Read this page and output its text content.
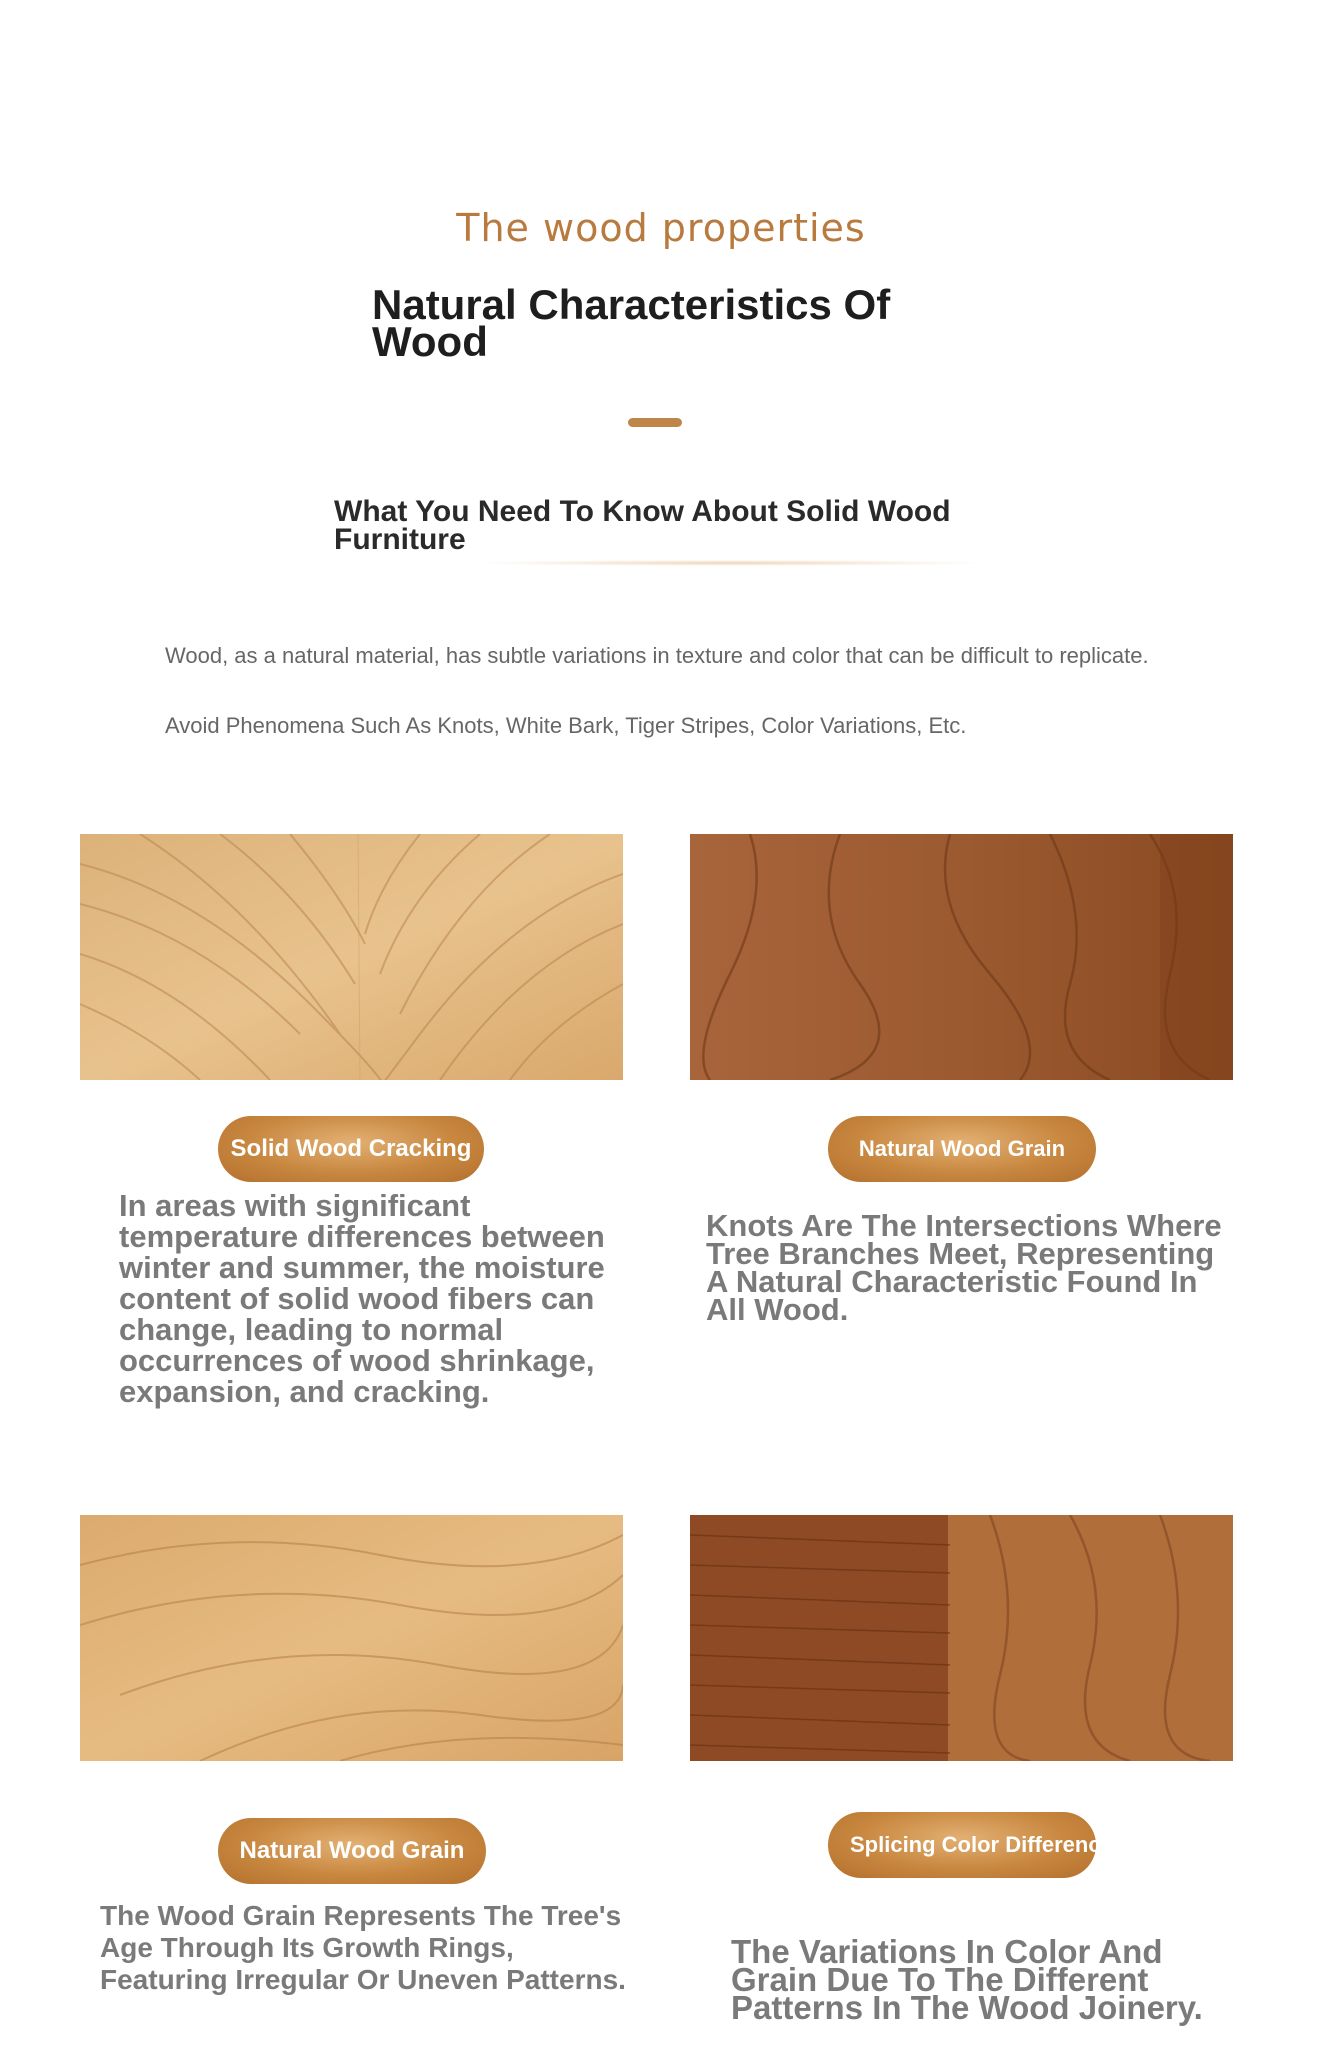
The wood properties
Natural Characteristics Of Wood
What You Need To Know About Solid Wood Furniture
Wood, as a natural material, has subtle variations in texture and color that can be difficult to replicate.
Avoid Phenomena Such As Knots, White Bark, Tiger Stripes, Color Variations, Etc.
Solid Wood Cracking	Natural Wood Grain
In areas with significant temperature differences between winter and summer, the moisture content of solid wood fibers can change, leading to normal occurrences of wood shrinkage, expansion, and cracking.
Knots Are The Intersections Where Tree Branches Meet, Representing A Natural Characteristic Found In All Wood.
Natural Wood Grain	Splicing Color Difference
The Wood Grain Represents The Tree's Age Through Its Growth Rings, Featuring Irregular Or Uneven Patterns.
The Variations In Color And Grain Due To The Different Patterns In The Wood Joinery.
